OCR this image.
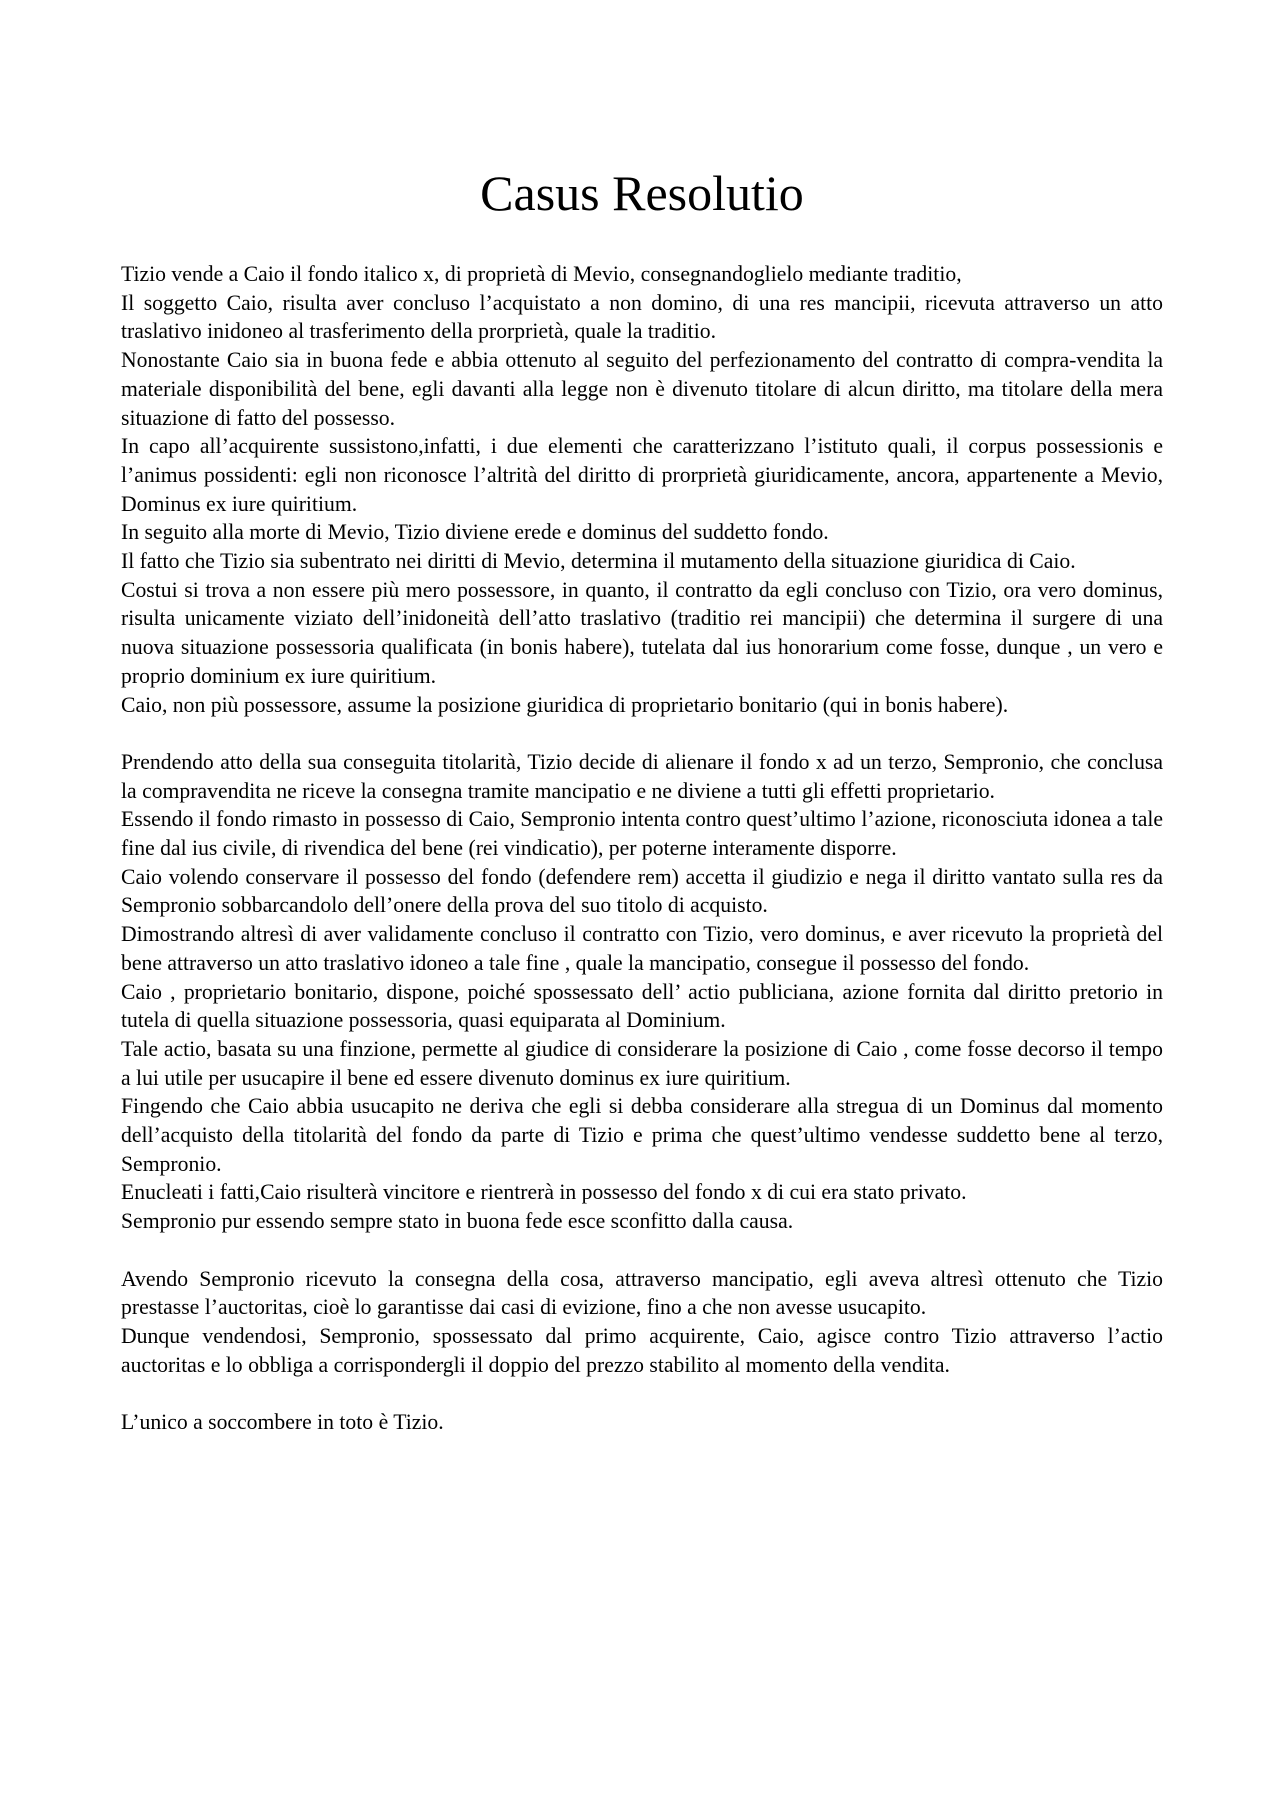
Casus Resolutio

Tizio vende a Caio il fondo italico x, di proprietà di Mevio, consegnandoglielo mediante traditio,

Il soggetto Caio, risulta aver concluso l’acquistato a non domino, di una res mancipii, ricevuta attraverso un atto traslativo inidoneo al trasferimento della prorprietà, quale la traditio.

Nonostante Caio sia in buona fede e abbia ottenuto al seguito del perfezionamento del contratto di compra-vendita la materiale disponibilità del bene, egli davanti alla legge non è divenuto titolare di alcun diritto, ma titolare della mera situazione di fatto del possesso.

In capo all’acquirente sussistono,infatti, i due elementi che caratterizzano l’istituto quali, il corpus possessionis e l’animus possidenti: egli non riconosce l’altrità del diritto di prorprietà giuridicamente, ancora, appartenente a Mevio, Dominus ex iure quiritium.

In seguito alla morte di Mevio, Tizio diviene erede e dominus del suddetto fondo.

Il fatto che Tizio sia subentrato nei diritti di Mevio, determina il mutamento della situazione giuridica di Caio.

Costui si trova a non essere più mero possessore, in quanto, il contratto da egli concluso con Tizio, ora vero dominus, risulta unicamente viziato dell’inidoneità dell’atto traslativo (traditio rei mancipii) che determina il surgere di una nuova situazione possessoria qualificata (in bonis habere), tutelata dal ius honorarium come fosse, dunque , un vero e proprio dominium ex iure quiritium.

Caio, non più possessore, assume la posizione giuridica di proprietario bonitario (qui in bonis habere).

Prendendo atto della sua conseguita titolarità, Tizio decide di alienare il fondo x ad un terzo, Sempronio, che conclusa la compravendita ne riceve la consegna tramite mancipatio e ne diviene a tutti gli effetti proprietario.

Essendo il fondo rimasto in possesso di Caio, Sempronio intenta contro quest’ultimo l’azione, riconosciuta idonea a tale fine dal ius civile, di rivendica del bene (rei vindicatio), per poterne interamente disporre.

Caio volendo conservare il possesso del fondo (defendere rem) accetta il giudizio e nega il diritto vantato sulla res da Sempronio sobbarcandolo dell’onere della prova del suo titolo di acquisto.

Dimostrando altresì di aver validamente concluso il contratto con Tizio, vero dominus, e aver ricevuto la proprietà del bene attraverso un atto traslativo idoneo a tale fine , quale la mancipatio, consegue il possesso del fondo.

Caio , proprietario bonitario, dispone, poiché spossessato dell’ actio publiciana, azione fornita dal diritto pretorio in tutela di quella situazione possessoria, quasi equiparata al Dominium.

Tale actio, basata su una finzione, permette al giudice di considerare la posizione di Caio , come fosse decorso il tempo a lui utile per usucapire il bene ed essere divenuto dominus ex iure quiritium.

Fingendo che Caio abbia usucapito ne deriva che egli si debba considerare alla stregua di un Dominus dal momento dell’acquisto della titolarità del fondo da parte di Tizio e prima che quest’ultimo vendesse suddetto bene al terzo, Sempronio.

Enucleati i fatti,Caio risulterà vincitore e rientrerà in possesso del fondo x di cui era stato privato.

Sempronio pur essendo sempre stato in buona fede esce sconfitto dalla causa.

Avendo Sempronio ricevuto la consegna della cosa, attraverso mancipatio, egli aveva altresì ottenuto che Tizio prestasse l’auctoritas, cioè lo garantisse dai casi di evizione, fino a che non avesse usucapito.

Dunque vendendosi, Sempronio, spossessato dal primo acquirente, Caio, agisce contro Tizio attraverso l’actio auctoritas e lo obbliga a corrispondergli il doppio del prezzo stabilito al momento della vendita.

L’unico a soccombere in toto è Tizio.
